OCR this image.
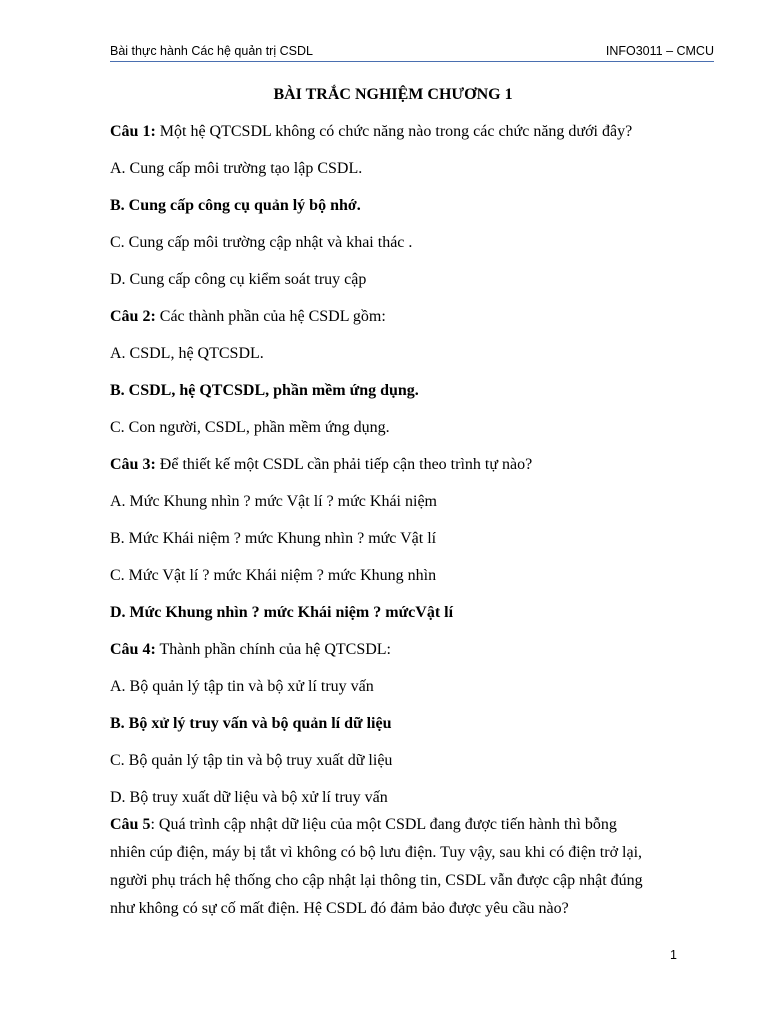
Bài thực hành Các hệ quản trị CSDL	INFO3011 – CMCU
BÀI TRẮC NGHIỆM CHƯƠNG 1
Câu 1: Một hệ QTCSDL không có chức năng nào trong các chức năng dưới đây?
A. Cung cấp môi trường tạo lập CSDL.
B. Cung cấp công cụ quản lý bộ nhớ.
C. Cung cấp môi trường cập nhật và khai thác .
D. Cung cấp công cụ kiểm soát truy cập
Câu 2: Các thành phần của hệ CSDL gồm:
A. CSDL, hệ QTCSDL.
B. CSDL, hệ QTCSDL, phần mềm ứng dụng.
C. Con người, CSDL, phần mềm ứng dụng.
Câu 3: Để thiết kế một CSDL cần phải tiếp cận theo trình tự nào?
A. Mức Khung nhìn ? mức Vật lí ? mức Khái niệm
B. Mức Khái niệm ? mức Khung nhìn ? mức Vật lí
C. Mức Vật lí ? mức Khái niệm ? mức Khung nhìn
D. Mức Khung nhìn ? mức Khái niệm ? mứcVật lí
Câu 4: Thành phần chính của hệ QTCSDL:
A. Bộ quản lý tập tin và bộ xử lí truy vấn
B. Bộ xử lý truy vấn và bộ quản lí dữ liệu
C. Bộ quản lý tập tin và bộ truy xuất dữ liệu
D. Bộ truy xuất dữ liệu và bộ xử lí truy vấn
Câu 5: Quá trình cập nhật dữ liệu của một CSDL đang được tiến hành thì bỗng
nhiên cúp điện, máy bị tắt vì không có bộ lưu điện. Tuy vậy, sau khi có điện trở lại,
người phụ trách hệ thống cho cập nhật lại thông tin, CSDL vẫn được cập nhật đúng
như không có sự cố mất điện. Hệ CSDL đó đảm bảo được yêu cầu nào?
1
